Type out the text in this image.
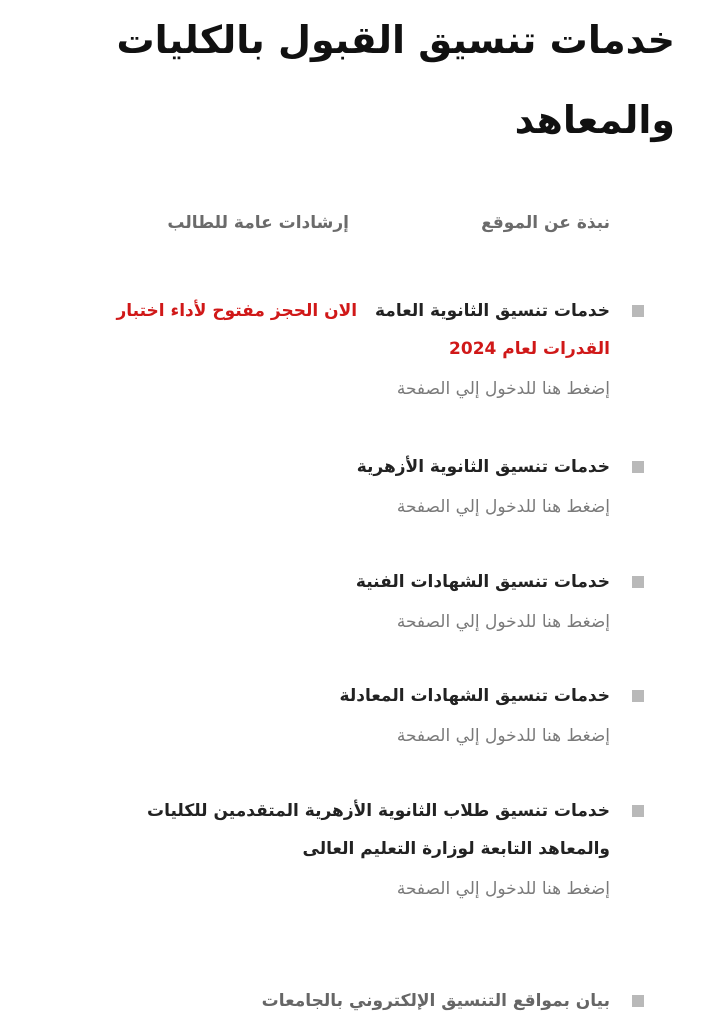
خدمات تنسيق القبول بالكليات والمعاهد
نبذة عن الموقع
إرشادات عامة للطالب
خدمات تنسيق الثانوية العامة الان الحجز مفتوح لأداء اختبار القدرات لعام 2024
إضغط هنا للدخول إلي الصفحة
خدمات تنسيق الثانوية الأزهرية
إضغط هنا للدخول إلي الصفحة
خدمات تنسيق الشهادات الفنية
إضغط هنا للدخول إلي الصفحة
خدمات تنسيق الشهادات المعادلة
إضغط هنا للدخول إلي الصفحة
خدمات تنسيق طلاب الثانوية الأزهرية المتقدمين للكليات والمعاهد التابعة لوزارة التعليم العالى
إضغط هنا للدخول إلي الصفحة
بيان بمواقع التنسيق الإلكتروني بالجامعات
